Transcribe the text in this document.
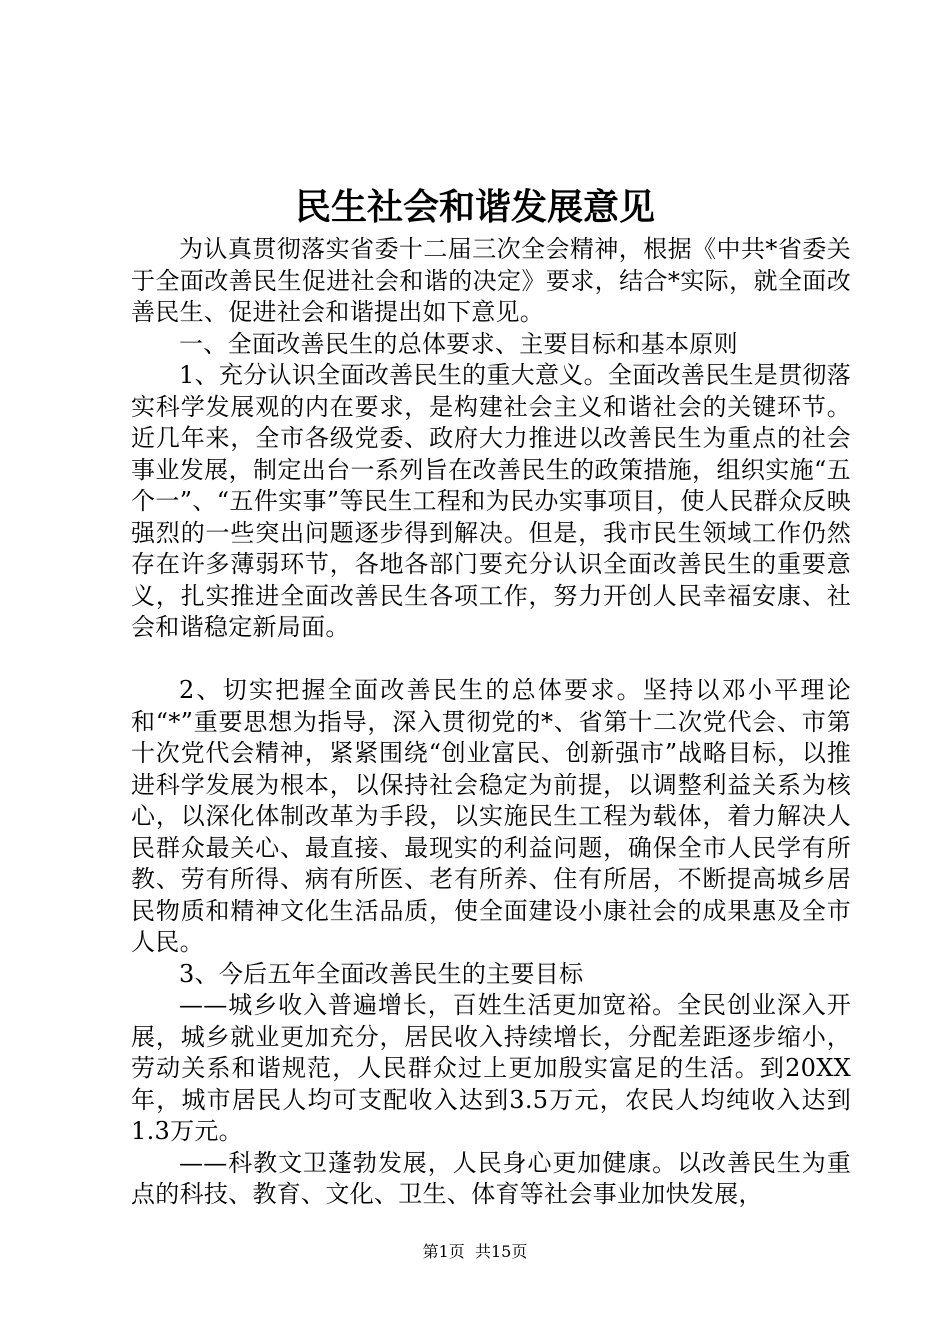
民生社会和谐发展意见

为认真贯彻落实省委十二届三次全会精神，根据《中共*省委关于全面改善民生促进社会和谐的决定》要求，结合*实际，就全面改善民生、促进社会和谐提出如下意见。

一、全面改善民生的总体要求、主要目标和基本原则

1、充分认识全面改善民生的重大意义。全面改善民生是贯彻落实科学发展观的内在要求，是构建社会主义和谐社会的关键环节。近几年来，全市各级党委、政府大力推进以改善民生为重点的社会事业发展，制定出台一系列旨在改善民生的政策措施，组织实施“五个一”、“五件实事”等民生工程和为民办实事项目，使人民群众反映强烈的一些突出问题逐步得到解决。但是，我市民生领域工作仍然存在许多薄弱环节，各地各部门要充分认识全面改善民生的重要意义，扎实推进全面改善民生各项工作，努力开创人民幸福安康、社会和谐稳定新局面。

2、切实把握全面改善民生的总体要求。坚持以邓小平理论和“*”重要思想为指导，深入贯彻党的*、省第十二次党代会、市第十次党代会精神，紧紧围绕“创业富民、创新强市”战略目标，以推进科学发展为根本，以保持社会稳定为前提，以调整利益关系为核心，以深化体制改革为手段，以实施民生工程为载体，着力解决人民群众最关心、最直接、最现实的利益问题，确保全市人民学有所教、劳有所得、病有所医、老有所养、住有所居，不断提高城乡居民物质和精神文化生活品质，使全面建设小康社会的成果惠及全市人民。

3、今后五年全面改善民生的主要目标

——城乡收入普遍增长，百姓生活更加宽裕。全民创业深入开展，城乡就业更加充分，居民收入持续增长，分配差距逐步缩小，劳动关系和谐规范，人民群众过上更加殷实富足的生活。到20XX年，城市居民人均可支配收入达到3.5万元，农民人均纯收入达到1.3万元。

——科教文卫蓬勃发展，人民身心更加健康。以改善民生为重点的科技、教育、文化、卫生、体育等社会事业加快发展，

第1页 共15页
